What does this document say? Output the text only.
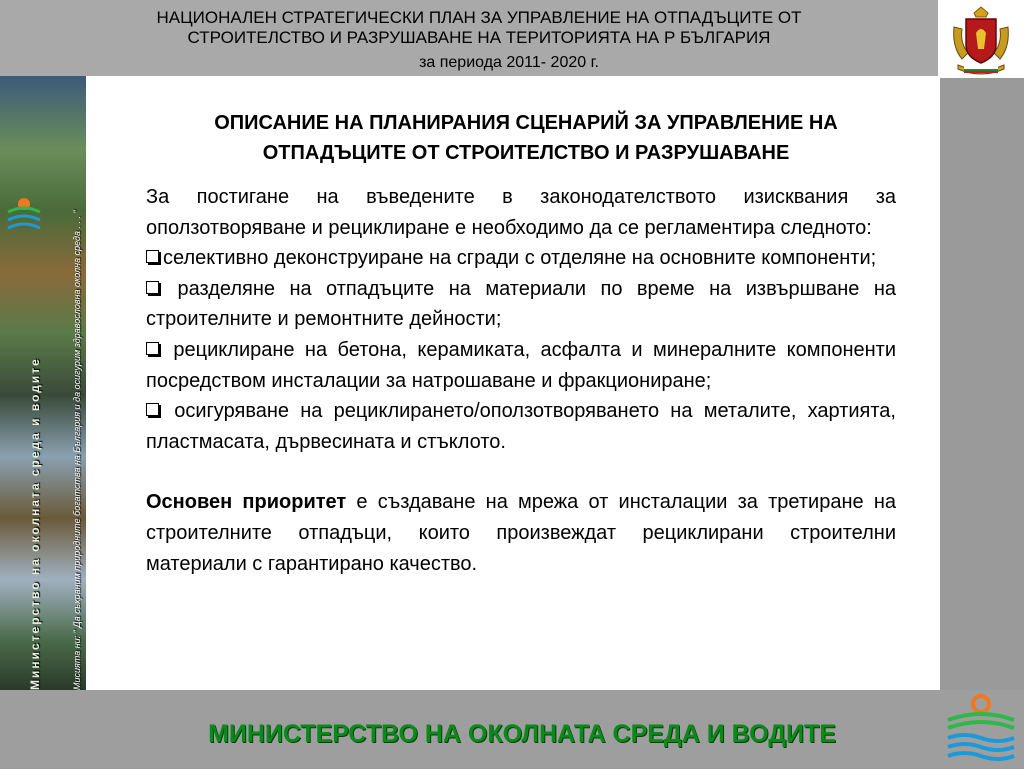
НАЦИОНАЛЕН СТРАТЕГИЧЕСКИ ПЛАН ЗА УПРАВЛЕНИЕ НА ОТПАДЪЦИТЕ ОТ
СТРОИТЕЛСТВО И РАЗРУШАВАНЕ НА ТЕРИТОРИЯТА НА Р БЪЛГАРИЯ
за периода 2011- 2020 г.
Министерство на околната среда и водите	Мисията ни: " Да съхраним природните богатства на България и да осигурим здравословна околна среда . . . "
ОПИСАНИЕ НА ПЛАНИРАНИЯ СЦЕНАРИЙ ЗА УПРАВЛЕНИЕ НА
ОТПАДЪЦИТЕ ОТ СТРОИТЕЛСТВО И РАЗРУШАВАНЕ

За постигане на въведените в законодателството изисквания за оползотворяване и рециклиране е необходимо да се регламентира следното:

селективно деконструиране на сгради с отделяне на основните компоненти;

разделяне на отпадъците на материали по време на извършване на строителните и ремонтните дейности;

рециклиране на бетона, керамиката, асфалта и минералните компоненти посредством инсталации за натрошаване и фракциониране;

осигуряване на рециклирането/оползотворяването на металите, хартията, пластмасата, дървесината и стъклото.

Основен приоритет е създаване на мрежа от инсталации за третиране на строителните отпадъци, които произвеждат рециклирани строителни материали с гарантирано качество.

МИНИСТЕРСТВО НА ОКОЛНАТА СРЕДА И ВОДИТЕ
